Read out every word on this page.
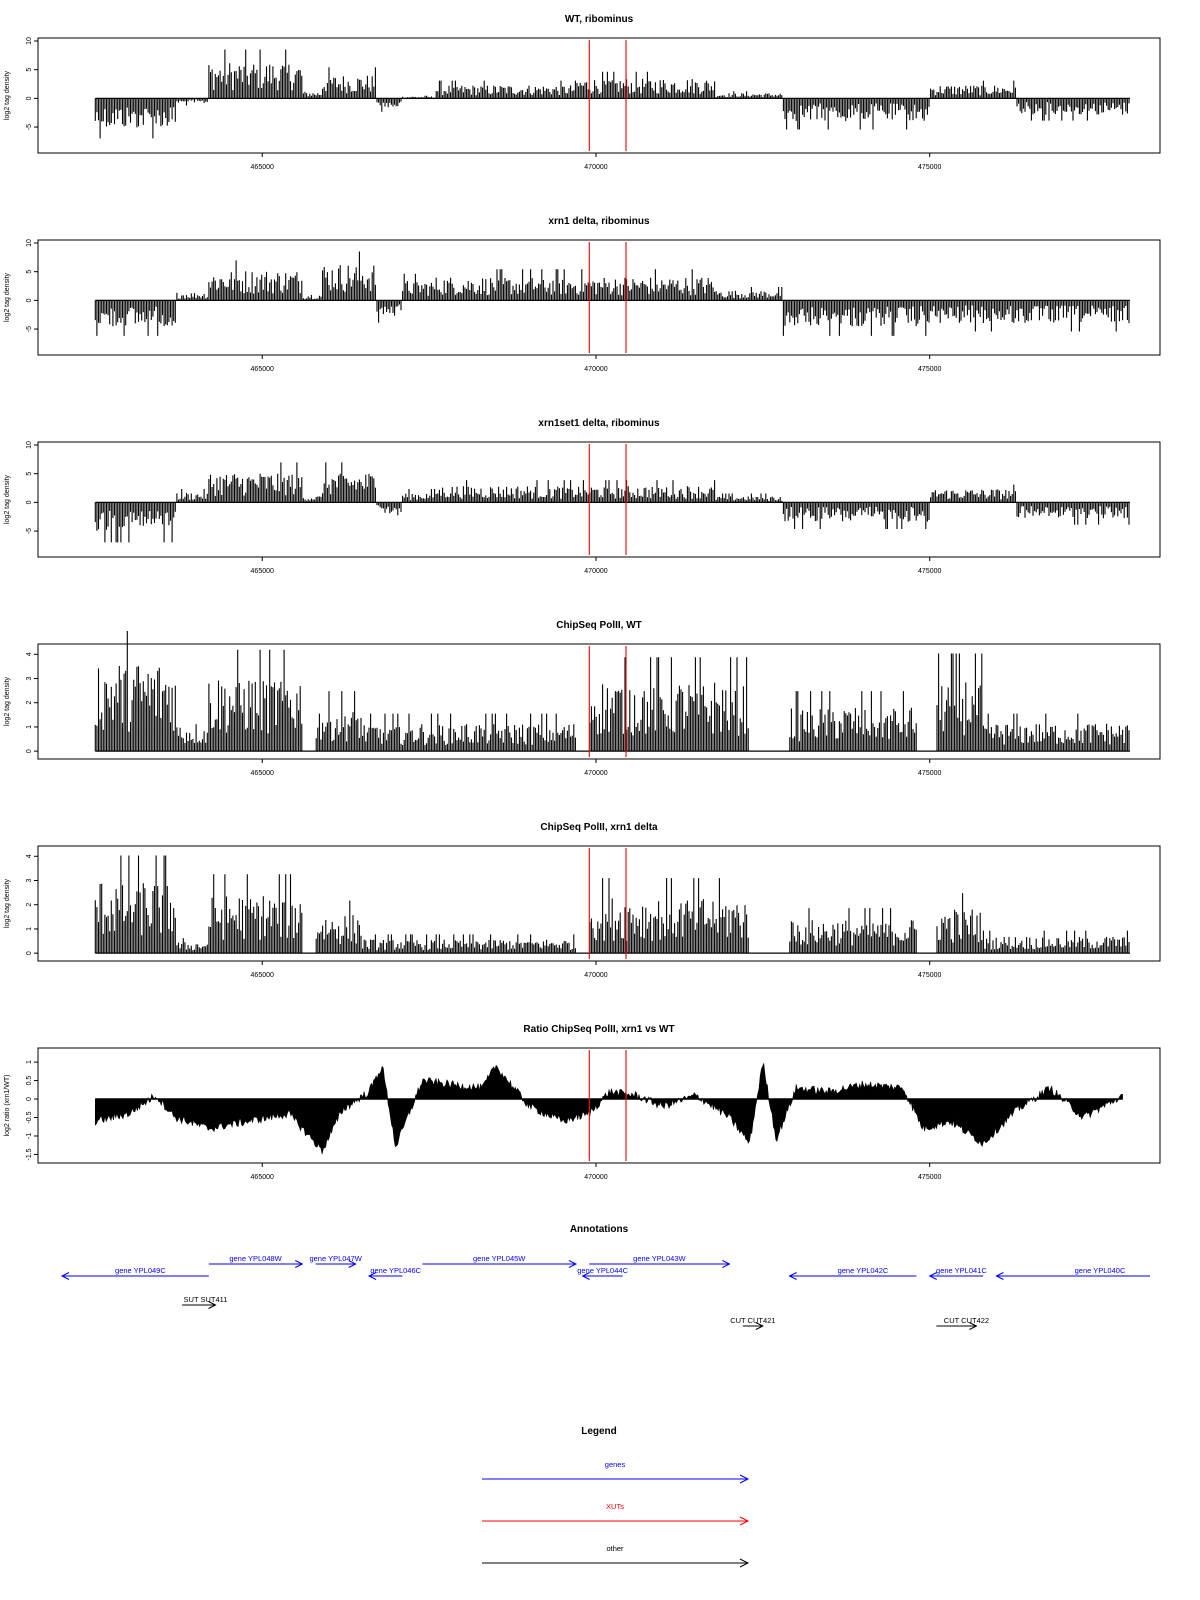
WT, ribominus
10
5
0
-5
log2 tag density
465000	470000	475000
xrn1 delta, ribominus
10
5
0
-5
log2 tag density
465000	470000	475000
xrn1set1 delta, ribominus
10
5
0
-5
log2 tag density
465000	470000	475000
ChipSeq PolII, WT
4
3
2
1
0
log2 tag density
465000	470000	475000
ChipSeq PolII, xrn1 delta
4
3
2
1
0
log2 tag density
465000	470000	475000
Ratio ChipSeq PolII, xrn1 vs WT
1
0.5
0
-0.5
-1
-1.5
log2 ratio (xrn1/WT)
465000	470000	475000
Annotations
gene YPL049C
gene YPL048W	gene YPL047W
gene YPL046C
gene YPL045W
gene YPL044C
gene YPL043W
gene YPL042C	gene YPL041C	gene YPL040C
SUT SUT411
CUT CUT421	CUT CUT422
Legend
genes
XUTs
other
